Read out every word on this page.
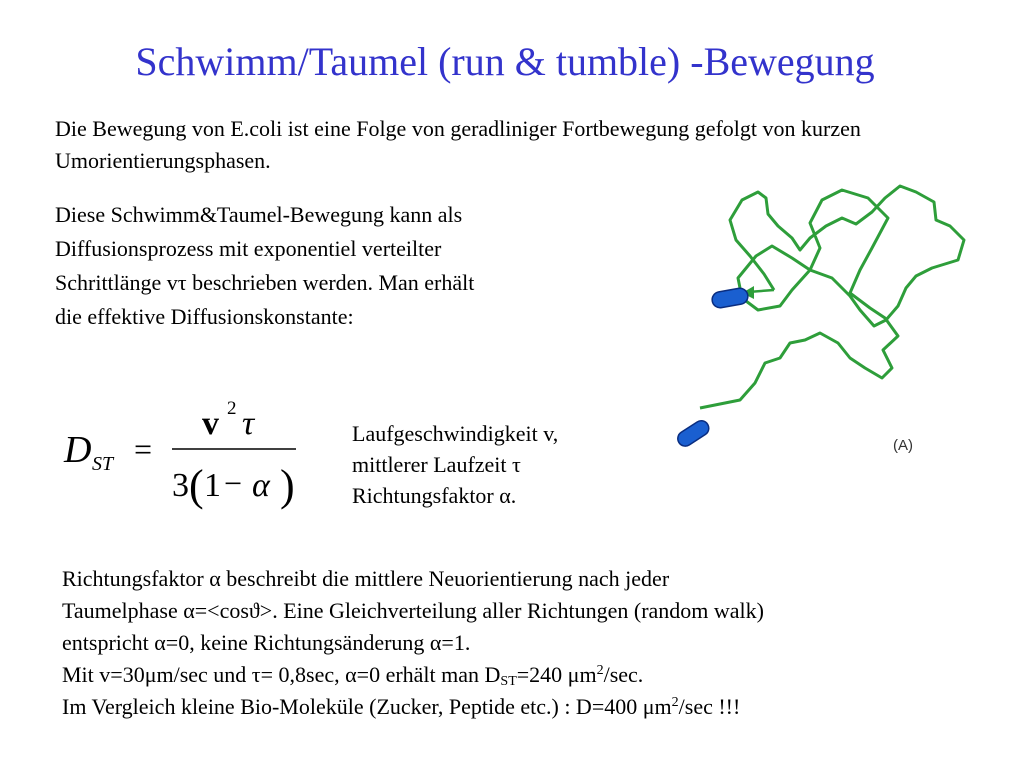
Schwimm/Taumel (run & tumble) -Bewegung
Die Bewegung von E.coli ist eine Folge von geradliniger Fortbewegung gefolgt von kurzen Umorientierungsphasen.
Diese Schwimm&Taumel-Bewegung kann als Diffusionsprozess mit exponentiel verteilter Schrittlänge vτ beschrieben werden. Man erhält die effektive Diffusionskonstante:
D ST =
v 2 τ
3 ( 1 − α )
Laufgeschwindigkeit v,
mittlerer Laufzeit τ
Richtungsfaktor α.
(A)
Richtungsfaktor α beschreibt die mittlere Neuorientierung nach jeder
Taumelphase α=<cosϑ>. Eine Gleichverteilung aller Richtungen (random walk)
entspricht α=0, keine Richtungsänderung α=1.
Mit v=30μm/sec und τ= 0,8sec, α=0 erhält man $D_{ST}=240$ $\mu m^2/\sec$.
Im Vergleich kleine Bio-Moleküle (Zucker, Peptide etc.) : D=400 $\mu m^2/\sec$ !!!
